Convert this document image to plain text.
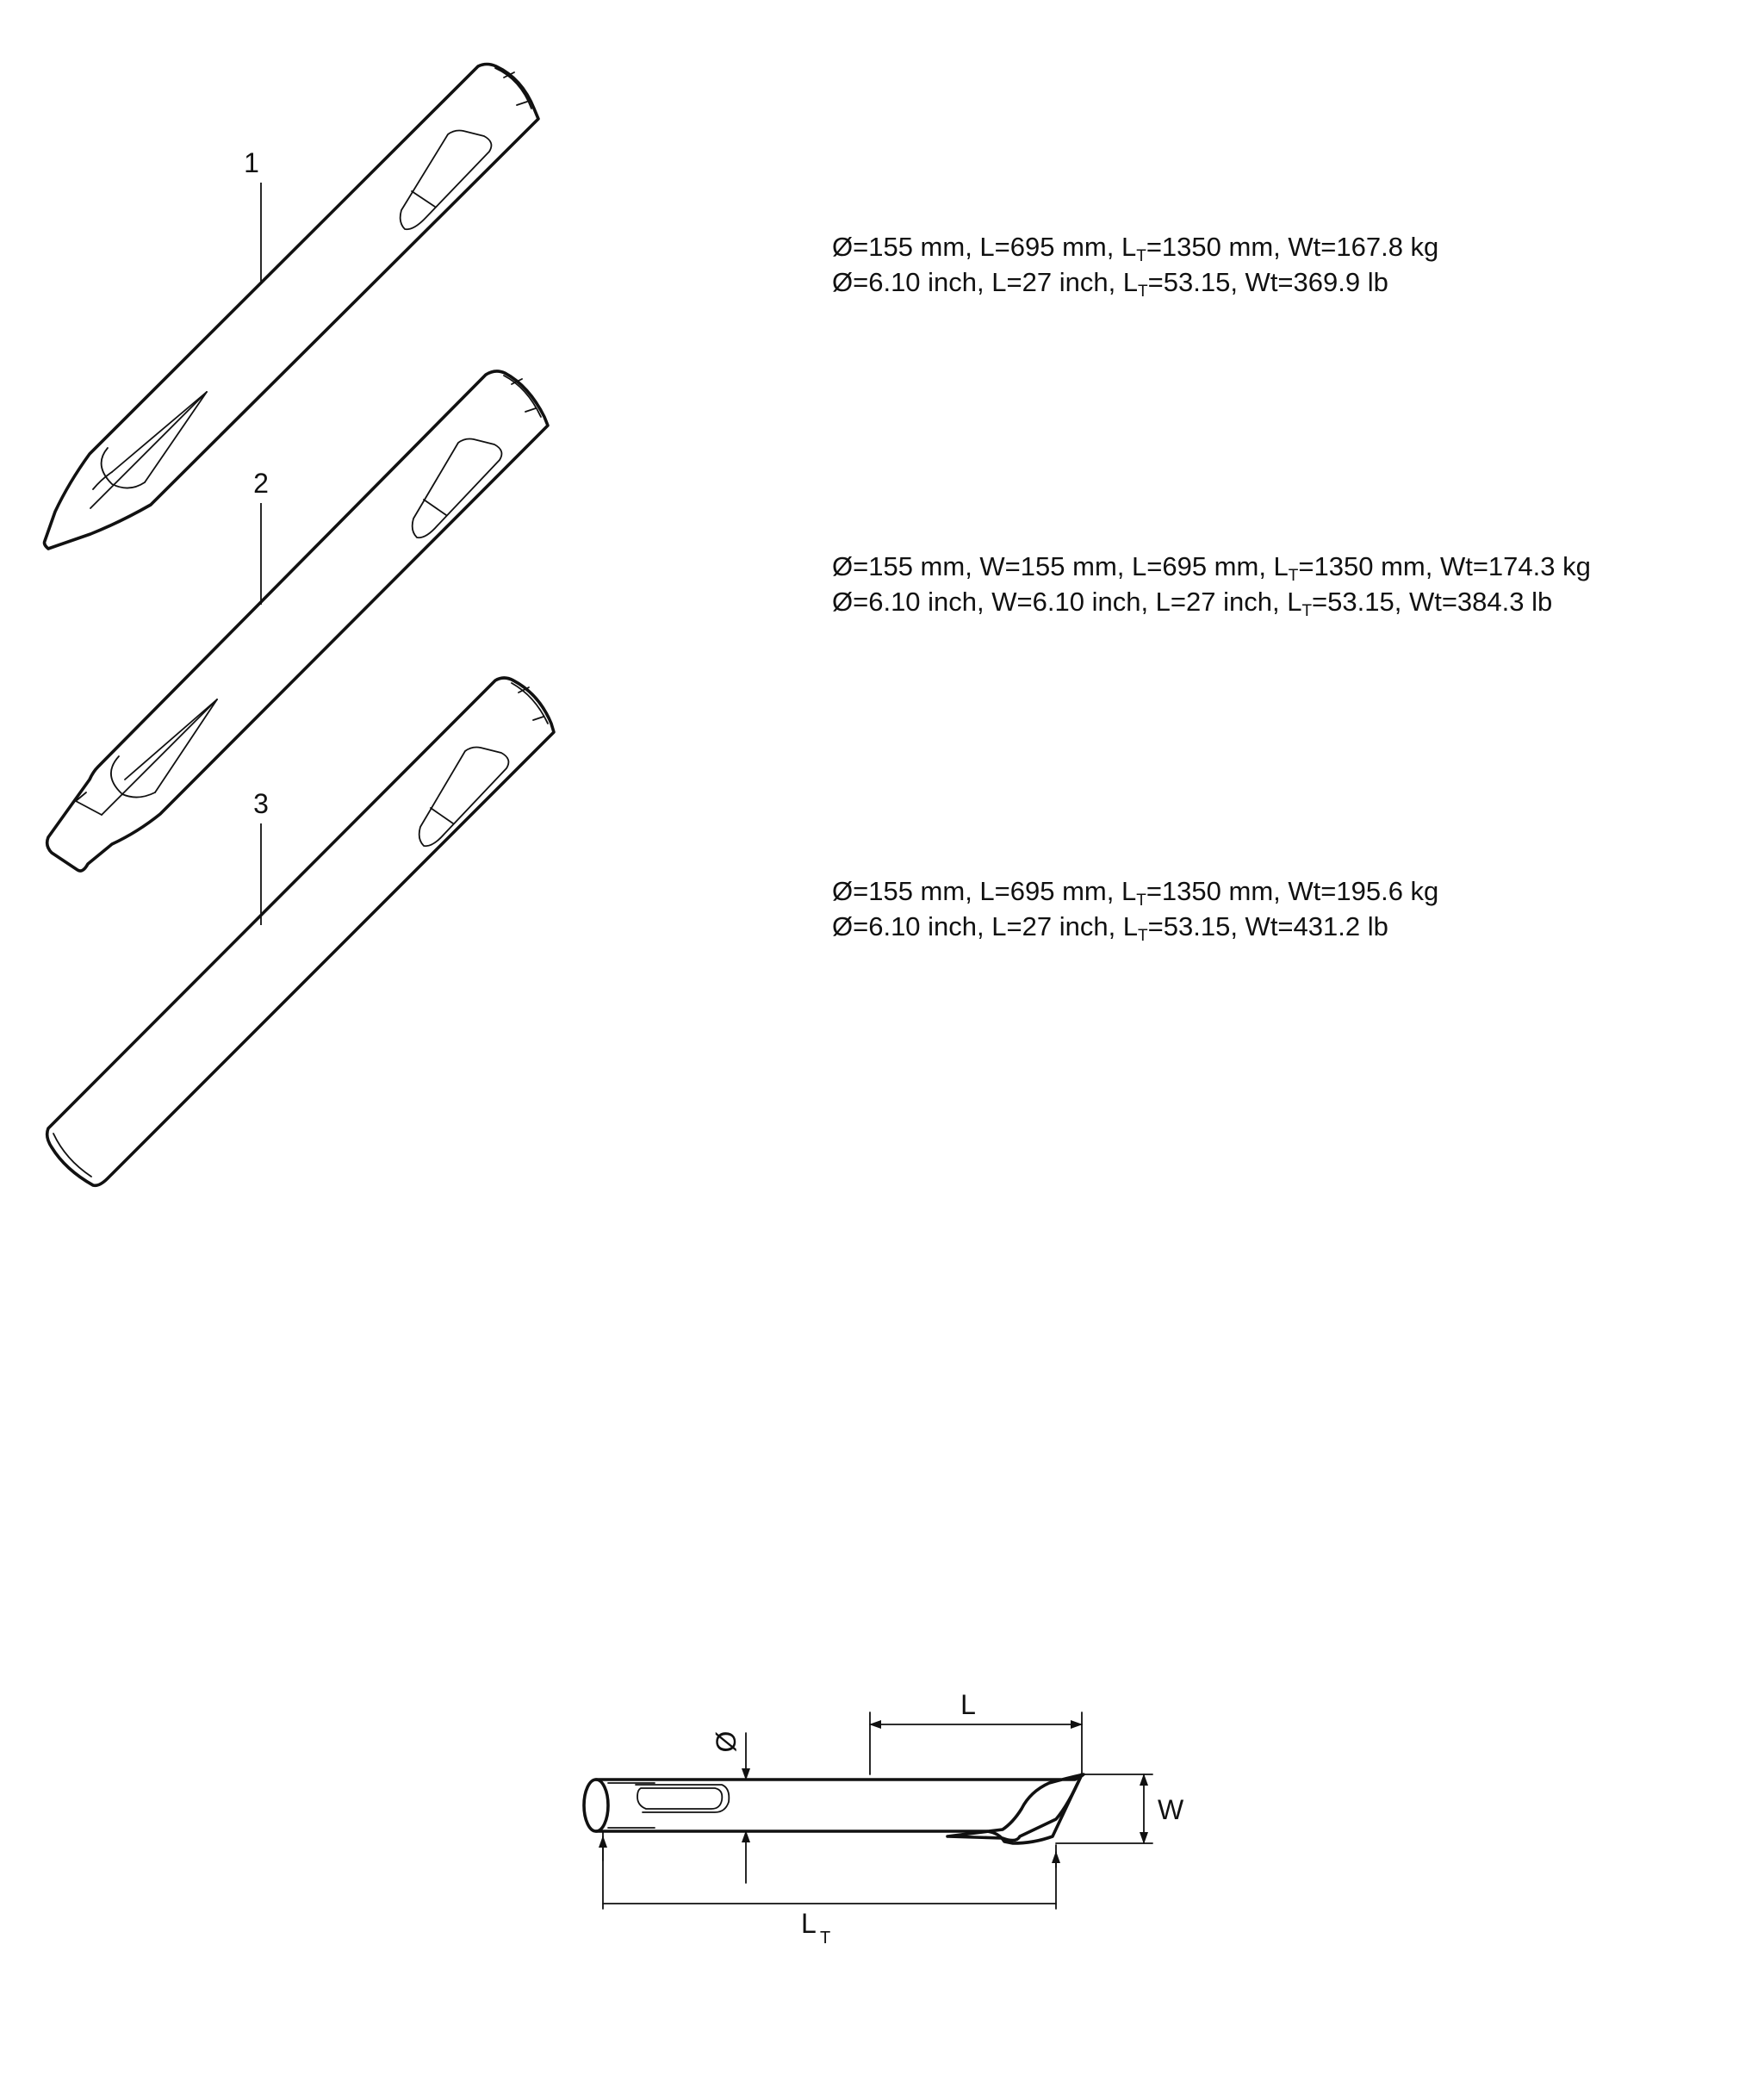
1
2
3
Ø
L
W
L T
Ø=155 mm, L=695 mm, $L_T=1350$ mm, Wt=167.8 kg
Ø=6.10 inch, L=27 inch, $L_T=53.15$, Wt=369.9 lb
Ø=155 mm, W=155 mm, L=695 mm, $L_T=1350$ mm, Wt=174.3 kg
Ø=6.10 inch, W=6.10 inch, L=27 inch, $L_T=53.15$, Wt=384.3 lb
Ø=155 mm, L=695 mm, $L_T=1350$ mm, Wt=195.6 kg
Ø=6.10 inch, L=27 inch, $L_T=53.15$, Wt=431.2 lb
